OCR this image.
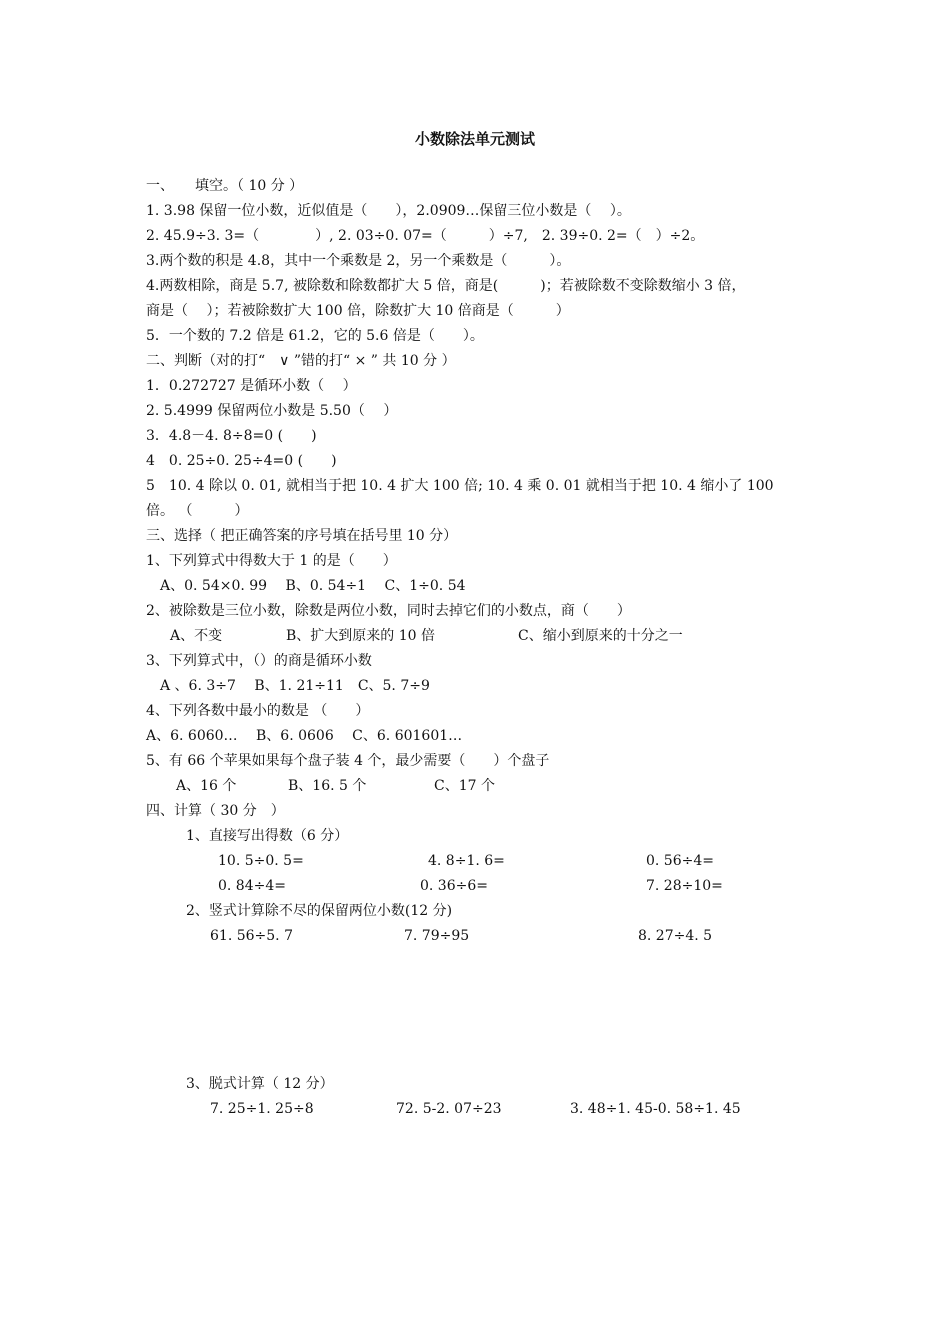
小数除法单元测试
一、　　填空。（ 10 分 ）
1. 3.98 保留一位小数，近似值是（　　），2.0909…保留三位小数是（　 ）。
2. 45.9÷3. 3=（　　　　）, 2. 03÷0. 07=（　　　）÷7,　2. 39÷0. 2=（　）÷2。
3.两个数的积是 4.8，其中一个乘数是 2，另一个乘数是（　　　）。
4.两数相除，商是 5.7, 被除数和除数都扩大 5 倍，商是(　　　)；若被除数不变除数缩小 3 倍，
商是（　 ）；若被除数扩大 100 倍，除数扩大 10 倍商是（　　　）
5．一个数的 7.2 倍是 61.2，它的 5.6 倍是（　　）。
二、判断（对的打“　∨ ”错的打“ × ” 共 10 分 ）
1．0.272727 是循环小数（　 ）
2. 5.4999 保留两位小数是 5.50（　 ）
3．4.8－4. 8÷8=0 (　　)
4　0. 25÷0. 25÷4=0 (　　)
5　10. 4 除以 0. 01, 就相当于把 10. 4 扩大 100 倍; 10. 4 乘 0. 01 就相当于把 10. 4 缩小了 100
倍。 （　　　）
三、选择（ 把正确答案的序号填在括号里 10 分）
1、下列算式中得数大于 1 的是（　　）
A、0. 54×0. 99　 B、0. 54÷1　 C、1÷0. 54
2、被除数是三位小数，除数是两位小数，同时去掉它们的小数点，商（　　）
A、不变	B、扩大到原来的 10 倍	C、缩小到原来的十分之一
3、下列算式中，（）的商是循环小数
A 、6. 3÷7　 B、1. 21÷11　C、5. 7÷9
4、下列各数中最小的数是 （　　）
A、6. 6060…　 B、6. 0606　 C、6. 601601…
5、有 66 个苹果如果每个盘子装 4 个，最少需要（　　）个盘子
A、16 个	B、16. 5 个	C、17 个
四、计算（ 30 分　）
1、直接写出得数（6 分）
10. 5÷0. 5=	4. 8÷1. 6=	0. 56÷4=
0. 84÷4=	0. 36÷6=	7. 28÷10=
2、竖式计算除不尽的保留两位小数(12 分)
61. 56÷5. 7	7. 79÷95	8. 27÷4. 5
3、脱式计算（ 12 分）
7. 25÷1. 25÷8	72. 5-2. 07÷23	3. 48÷1. 45-0. 58÷1. 45
